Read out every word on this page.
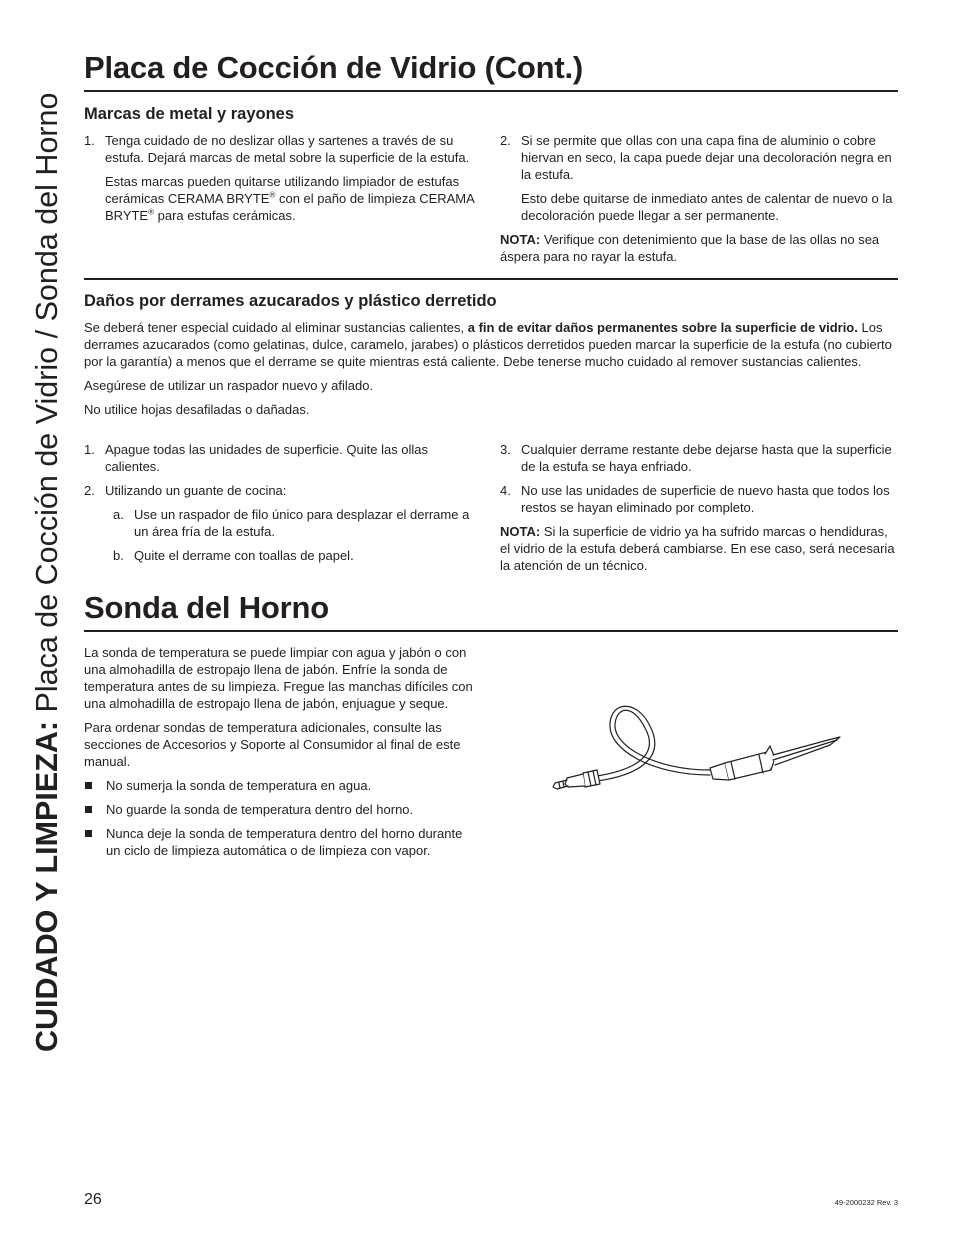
CUIDADO Y LIMPIEZA: Placa de Cocción de Vidrio / Sonda del Horno
Placa de Cocción de Vidrio (Cont.)
Marcas de metal y rayones
1. Tenga cuidado de no deslizar ollas y sartenes a través de su estufa. Dejará marcas de metal sobre la superficie de la estufa.
Estas marcas pueden quitarse utilizando limpiador de estufas cerámicas CERAMA BRYTE® con el paño de limpieza CERAMA BRYTE® para estufas cerámicas.
2. Si se permite que ollas con una capa fina de aluminio o cobre hiervan en seco, la capa puede dejar una decoloración negra en la estufa.
Esto debe quitarse de inmediato antes de calentar de nuevo o la decoloración puede llegar a ser permanente.

NOTA: Verifique con detenimiento que la base de las ollas no sea áspera para no rayar la estufa.

Daños por derrames azucarados y plástico derretido

Se deberá tener especial cuidado al eliminar sustancias calientes, a fin de evitar daños permanentes sobre la superficie de vidrio. Los derrames azucarados (como gelatinas, dulce, caramelo, jarabes) o plásticos derretidos pueden marcar la superficie de la estufa (no cubierto por la garantía) a menos que el derrame se quite mientras está caliente. Debe tenerse mucho cuidado al remover sustancias calientes.

Asegúrese de utilizar un raspador nuevo y afilado.

No utilice hojas desafiladas o dañadas.

1. Apague todas las unidades de superficie. Quite las ollas calientes.
2. Utilizando un guante de cocina:
a. Use un raspador de filo único para desplazar el derrame a un área fría de la estufa.
b. Quite el derrame con toallas de papel.
3. Cualquier derrame restante debe dejarse hasta que la superficie de la estufa se haya enfriado.
4. No use las unidades de superficie de nuevo hasta que todos los restos se hayan eliminado por completo.

NOTA: Si la superficie de vidrio ya ha sufrido marcas o hendiduras, el vidrio de la estufa deberá cambiarse. En ese caso, será necesaria la atención de un técnico.

Sonda del Horno

La sonda de temperatura se puede limpiar con agua y jabón o con una almohadilla de estropajo llena de jabón. Enfríe la sonda de temperatura antes de su limpieza. Fregue las manchas difíciles con una almohadilla de estropajo llena de jabón, enjuague y seque.

Para ordenar sondas de temperatura adicionales, consulte las secciones de Accesorios y Soporte al Consumidor al final de este manual.

No sumerja la sonda de temperatura en agua.
No guarde la sonda de temperatura dentro del horno.
Nunca deje la sonda de temperatura dentro del horno durante un ciclo de limpieza automática o de limpieza con vapor.
26	49-2000232 Rev. 3
